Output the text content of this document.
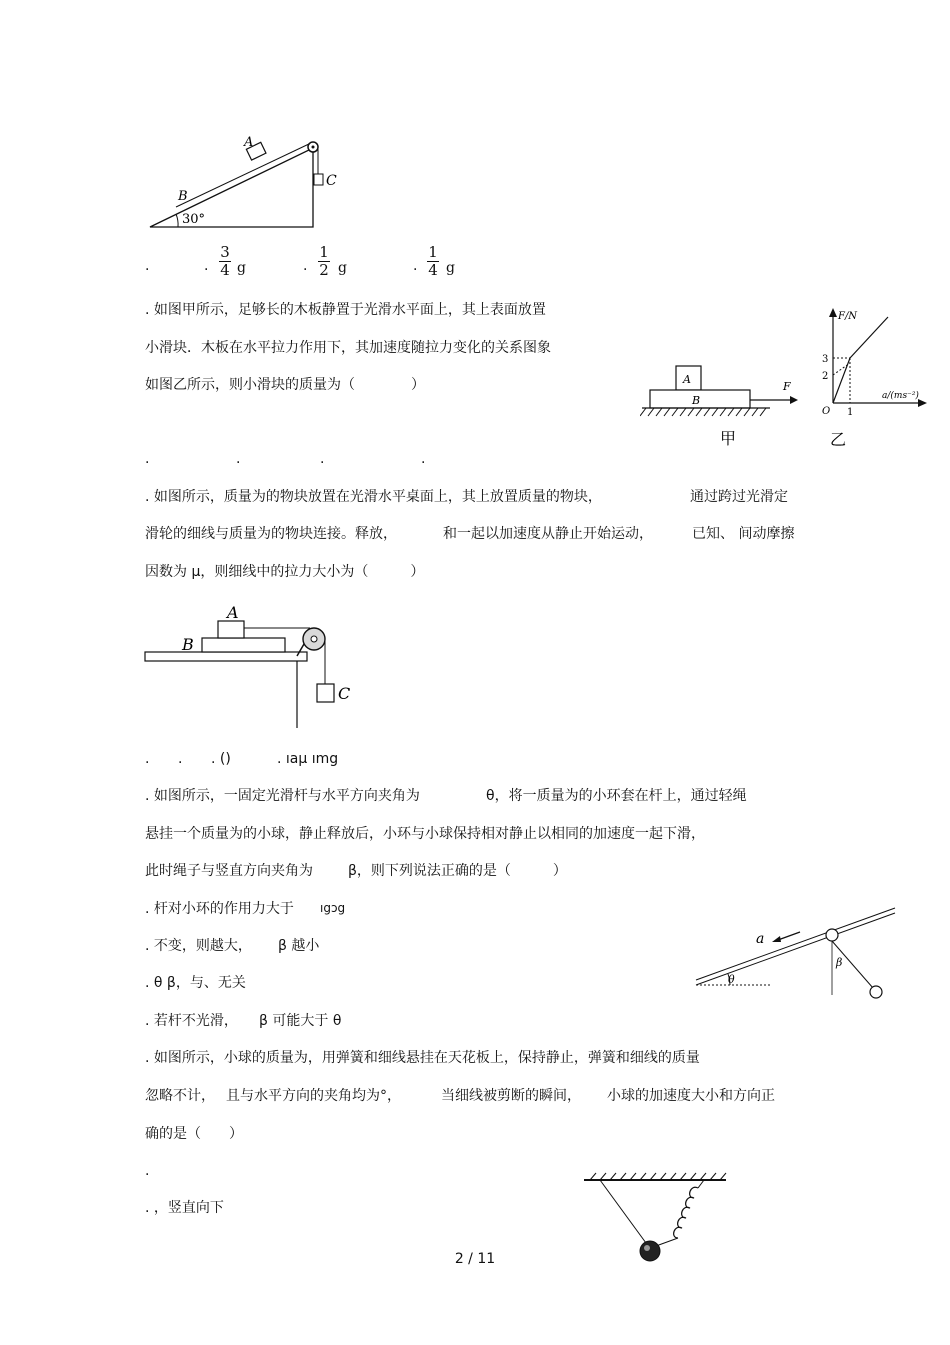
A
B
C
30°
.	.
3
4 g	.
1
2 g	.
1
4 g
. 如图甲所示，足够长的木板静置于光滑水平面上，其上表面放置
小滑块．木板在水平拉力作用下，其加速度随拉力变化的关系图象
如图乙所示，则小滑块的质量为（　　　　）
.	.	.	.
A
B
F
甲
F/N
a/(ms⁻²)
3
2
1
O
乙
. 如图所示，质量为的物块放置在光滑水平桌面上，其上放置质量的物块，	通过跨过光滑定
滑轮的细线与质量为的物块连接。释放，	和一起以加速度从静止开始运动，	已知、 间动摩擦
因数为 μ，则细线中的拉力大小为（　　　）
A
B
C
. . . ()	. ıaμ ımg
. 如图所示，一固定光滑杆与水平方向夹角为	θ，将一质量为的小环套在杆上，通过轻绳
悬挂一个质量为的小球，静止释放后，小环与小球保持相对静止以相同的加速度一起下滑，
此时绳子与竖直方向夹角为	β，则下列说法正确的是（　　　）
. 杆对小环的作用力大于 ıgↄg
. 不变，则越大， β 越小
. θ β，与、无关
. 若杆不光滑， β 可能大于 θ
a
θ
β
. 如图所示，小球的质量为，用弹簧和细线悬挂在天花板上，保持静止，弹簧和细线的质量
忽略不计， 且与水平方向的夹角均为°，	当细线被剪断的瞬间， 小球的加速度大小和方向正
确的是（　　）
.
. ，竖直向下
2 / 11
